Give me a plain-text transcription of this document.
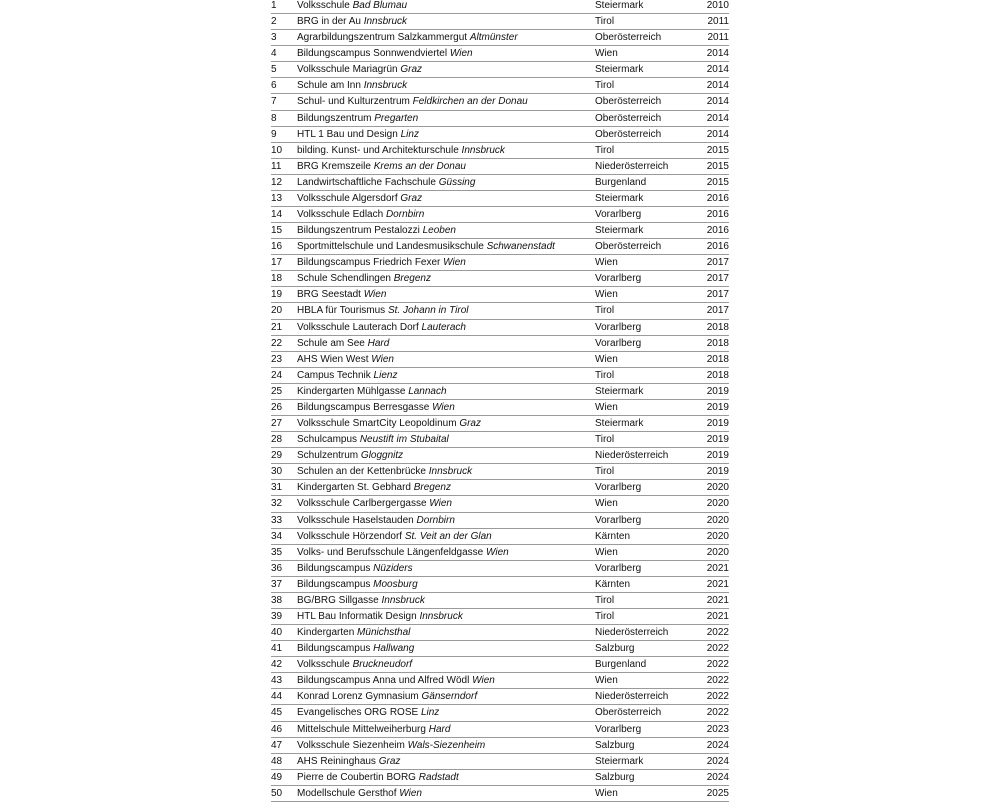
1 Volksschule Bad Blumau	Steiermark	2010
2 BRG in der Au Innsbruck	Tirol	2011
3 Agrarbildungszentrum Salzkammergut Altmünster	Oberösterreich	2011
4 Bildungscampus Sonnwendviertel Wien	Wien	2014
5 Volksschule Mariagrün Graz	Steiermark	2014
6 Schule am Inn Innsbruck	Tirol	2014
7 Schul- und Kulturzentrum Feldkirchen an der Donau	Oberösterreich	2014
8 Bildungszentrum Pregarten	Oberösterreich	2014
9 HTL 1 Bau und Design Linz	Oberösterreich	2014
10 bilding. Kunst- und Architekturschule Innsbruck	Tirol	2015
11 BRG Kremszeile Krems an der Donau	Niederösterreich	2015
12 Landwirtschaftliche Fachschule Güssing	Burgenland	2015
13 Volksschule Algersdorf Graz	Steiermark	2016
14 Volksschule Edlach Dornbirn	Vorarlberg	2016
15 Bildungszentrum Pestalozzi Leoben	Steiermark	2016
16 Sportmittelschule und Landesmusikschule Schwanenstadt	Oberösterreich	2016
17 Bildungscampus Friedrich Fexer Wien	Wien	2017
18 Schule Schendlingen Bregenz	Vorarlberg	2017
19 BRG Seestadt Wien	Wien	2017
20 HBLA für Tourismus St. Johann in Tirol	Tirol	2017
21 Volksschule Lauterach Dorf Lauterach	Vorarlberg	2018
22 Schule am See Hard	Vorarlberg	2018
23 AHS Wien West Wien	Wien	2018
24 Campus Technik Lienz	Tirol	2018
25 Kindergarten Mühlgasse Lannach	Steiermark	2019
26 Bildungscampus Berresgasse Wien	Wien	2019
27 Volksschule SmartCity Leopoldinum Graz	Steiermark	2019
28 Schulcampus Neustift im Stubaital	Tirol	2019
29 Schulzentrum Gloggnitz	Niederösterreich	2019
30 Schulen an der Kettenbrücke Innsbruck	Tirol	2019
31 Kindergarten St. Gebhard Bregenz	Vorarlberg	2020
32 Volksschule Carlbergergasse Wien	Wien	2020
33 Volksschule Haselstauden Dornbirn	Vorarlberg	2020
34 Volksschule Hörzendorf St. Veit an der Glan	Kärnten	2020
35 Volks- und Berufsschule Längenfeldgasse Wien	Wien	2020
36 Bildungscampus Nüziders	Vorarlberg	2021
37 Bildungscampus Moosburg	Kärnten	2021
38 BG/BRG Sillgasse Innsbruck	Tirol	2021
39 HTL Bau Informatik Design Innsbruck	Tirol	2021
40 Kindergarten Münichsthal	Niederösterreich	2022
41 Bildungscampus Hallwang	Salzburg	2022
42 Volksschule Bruckneudorf	Burgenland	2022
43 Bildungscampus Anna und Alfred Wödl Wien	Wien	2022
44 Konrad Lorenz Gymnasium Gänserndorf	Niederösterreich	2022
45 Evangelisches ORG ROSE Linz	Oberösterreich	2022
46 Mittelschule Mittelweiherburg Hard	Vorarlberg	2023
47 Volksschule Siezenheim Wals-Siezenheim	Salzburg	2024
48 AHS Reininghaus Graz	Steiermark	2024
49 Pierre de Coubertin BORG Radstadt	Salzburg	2024
50 Modellschule Gersthof Wien	Wien	2025
